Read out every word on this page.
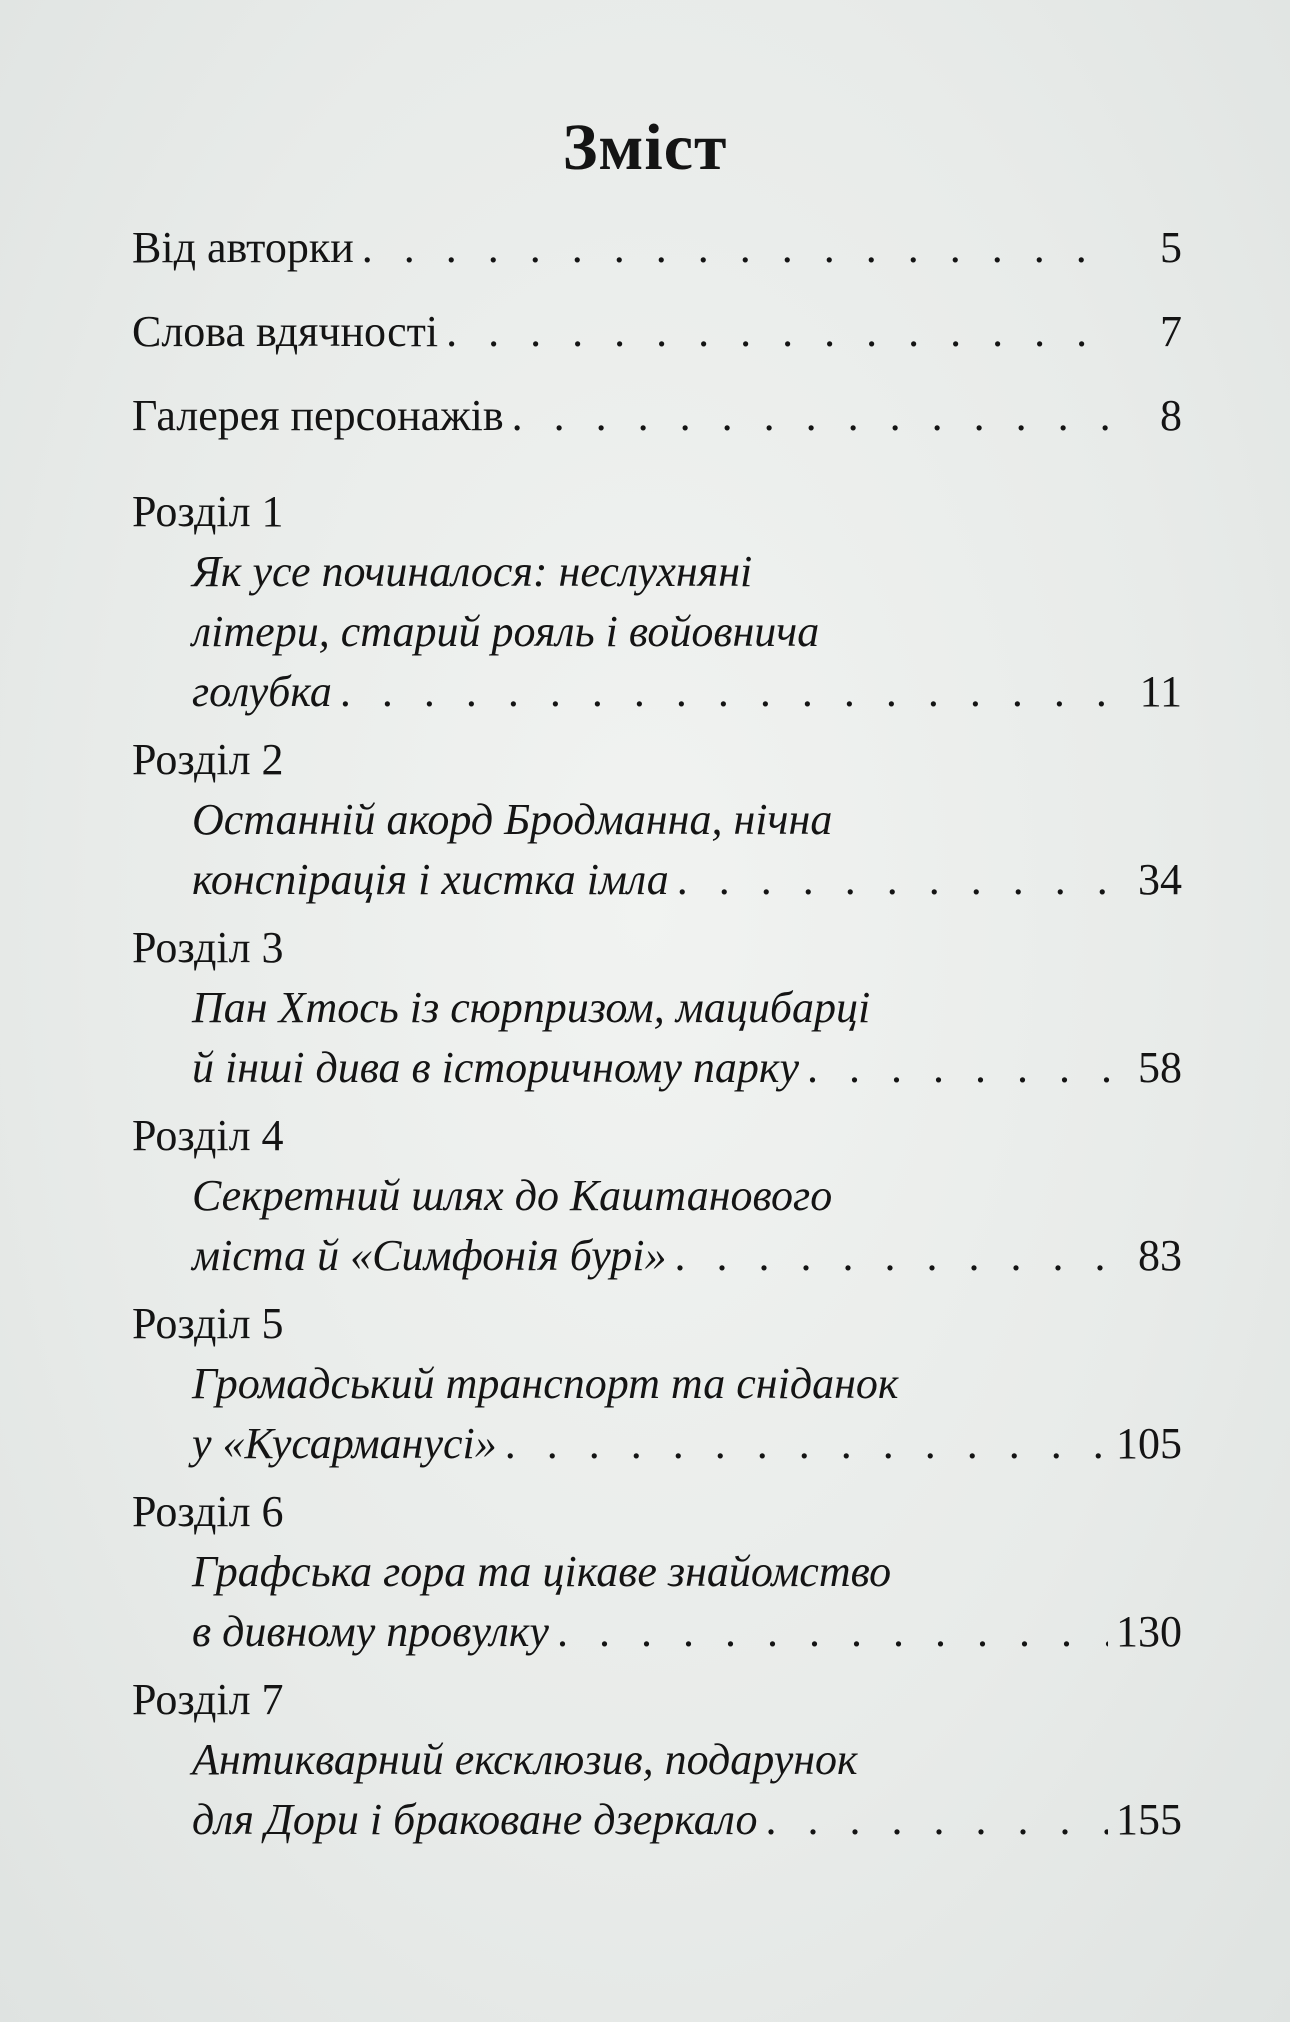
Зміст
Від авторки . . .	5
Слова вдячності . . .	7
Галерея персонажів . . .	8
Розділ 1
Як усе починалося: неслухняні
літери, старий рояль і войовнича
голубка . . .	11
Розділ 2
Останній акорд Бродманна, нічна
конспірація і хистка імла . . .	34
Розділ 3
Пан Хтось із сюрпризом, мацибарці
й інші дива в історичному парку . . .	58
Розділ 4
Секретний шлях до Каштанового
міста й «Симфонія бурі» . . .	83
Розділ 5
Громадський транспорт та сніданок
у «Кусарманусі» . . .	105
Розділ 6
Графська гора та цікаве знайомство
в дивному провулку . . .	130
Розділ 7
Антикварний ексклюзив, подарунок
для Дори і браковане дзеркало . . .	155
